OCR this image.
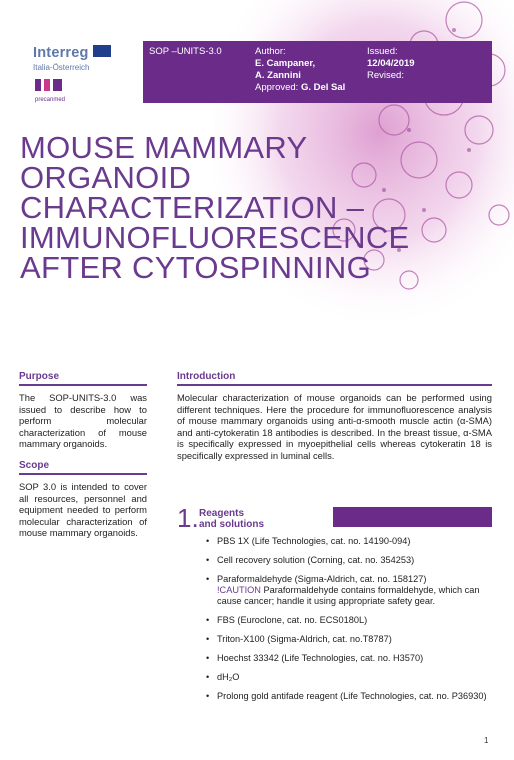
Interreg
Italia-Österreich
precanmed
SOP –UNITS-3.0	Author:
E. Campaner,
A. Zannini
Approved: G. Del Sal
Issued:
12/04/2019
Revised:
MOUSE MAMMARY ORGANOID CHARACTERIZATION – IMMUNOFLUORESCENCE AFTER CYTOSPINNING
Purpose

The SOP-UNITS-3.0 was issued to describe how to perform molecular characterization of mouse mammary organoids.

Scope

SOP 3.0 is intended to cover all resources, personnel and equipment needed to perform molecular characterization of mouse mammary organoids.

Introduction

Molecular characterization of mouse organoids can be performed using different techniques. Here the procedure for immunofluorescence analysis of mouse mammary organoids using anti-α-smooth muscle actin (α-SMA) and anti-cytokeratin 18 antibodies is described. In the breast tissue, α-SMA is specifically expressed in myoepithelial cells whereas cytokeratin 18 is specifically expressed in luminal cells.

1. Reagents
and solutions
• PBS 1X (Life Technologies, cat. no. 14190-094)
• Cell recovery solution (Corning, cat. no. 354253)
• Paraformaldehyde (Sigma-Aldrich, cat. no. 158127)
!CAUTION Paraformaldehyde contains formaldehyde, which can cause cancer; handle it using appropriate safety gear.
• FBS (Euroclone, cat. no. ECS0180L)
• Triton-X100 (Sigma-Aldrich, cat. no.T8787)
• Hoechst 33342 (Life Technologies, cat. no. H3570)
• dH₂O
• Prolong gold antifade reagent (Life Technologies, cat. no. P36930)
1
